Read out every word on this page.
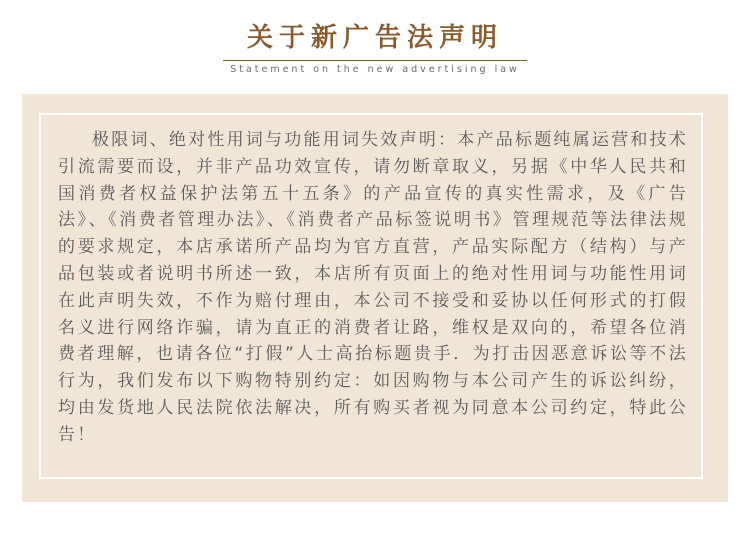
关于新广告法声明
Statement on the new advertising law

极限词、绝对性用词与功能用词失效声明：本产品标题纯属运营和技术引流需要而设，并非产品功效宣传，请勿断章取义，另据《中华人民共和国消费者权益保护法第五十五条》的产品宣传的真实性需求，及《广告法》、《消费者管理办法》、《消费者产品标签说明书》管理规范等法律法规的要求规定，本店承诺所产品均为官方直营，产品实际配方（结构）与产品包装或者说明书所述一致，本店所有页面上的绝对性用词与功能性用词在此声明失效，不作为赔付理由，本公司不接受和妥协以任何形式的打假名义进行网络诈骗，请为直正的消费者让路，维权是双向的，希望各位消费者理解，也请各位“打假”人士高抬标题贵手．为打击因恶意诉讼等不法行为，我们发布以下购物特别约定：如因购物与本公司产生的诉讼纠纷，均由发货地人民法院依法解决，所有购买者视为同意本公司约定，特此公告！
